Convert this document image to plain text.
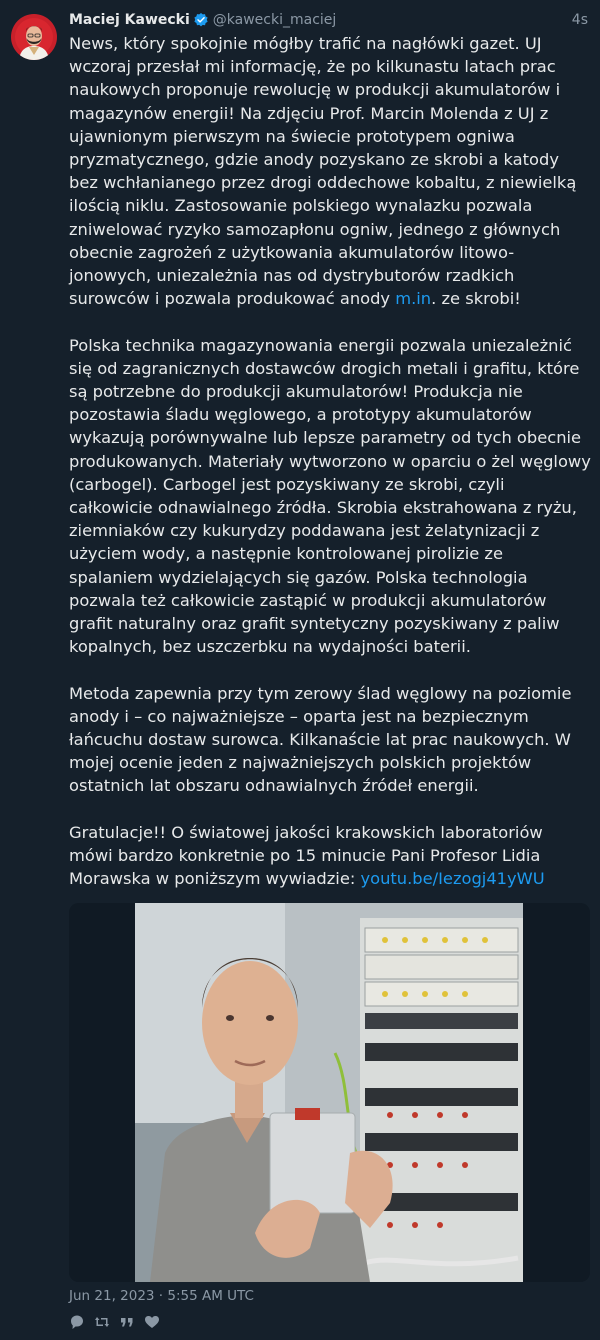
Maciej Kawecki @kawecki_maciej	4s

News, który spokojnie mógłby trafić na nagłówki gazet. UJ wczoraj przesłał mi informację, że po kilkunastu latach prac naukowych proponuje rewolucję w produkcji akumulatorów i magazynów energii! Na zdjęciu Prof. Marcin Molenda z UJ z ujawnionym pierwszym na świecie prototypem ogniwa pryzmatycznego, gdzie anody pozyskano ze skrobi a katody bez wchłanianego przez drogi oddechowe kobaltu, z niewielką ilością niklu. Zastosowanie polskiego wynalazku pozwala zniwelować ryzyko samozapłonu ogniw, jednego z głównych obecnie zagrożeń z użytkowania akumulatorów litowo-jonowych, uniezależnia nas od dystrybutorów rzadkich surowców i pozwala produkować anody m.in. ze skrobi!

Polska technika magazynowania energii pozwala uniezależnić się od zagranicznych dostawców drogich metali i grafitu, które są potrzebne do produkcji akumulatorów! Produkcja nie pozostawia śladu węglowego, a prototypy akumulatorów wykazują porównywalne lub lepsze parametry od tych obecnie produkowanych. Materiały wytworzono w oparciu o żel węglowy (carbogel). Carbogel jest pozyskiwany ze skrobi, czyli całkowicie odnawialnego źródła. Skrobia ekstrahowana z ryżu, ziemniaków czy kukurydzy poddawana jest żelatynizacji z użyciem wody, a następnie kontrolowanej pirolizie ze spalaniem wydzielających się gazów. Polska technologia pozwala też całkowicie zastąpić w produkcji akumulatorów grafit naturalny oraz grafit syntetyczny pozyskiwany z paliw kopalnych, bez uszczerbku na wydajności baterii.

Metoda zapewnia przy tym zerowy ślad węglowy na poziomie anody i – co najważniejsze – oparta jest na bezpiecznym łańcuchu dostaw surowca. Kilkanaście lat prac naukowych. W mojej ocenie jeden z najważniejszych polskich projektów ostatnich lat obszaru odnawialnych źródeł energii.

Gratulacje!! O światowej jakości krakowskich laboratoriów mówi bardzo konkretnie po 15 minucie Pani Profesor Lidia Morawska w poniższym wywiadzie: youtu.be/Iezogj41yWU

Jun 21, 2023 · 5:55 AM UTC
